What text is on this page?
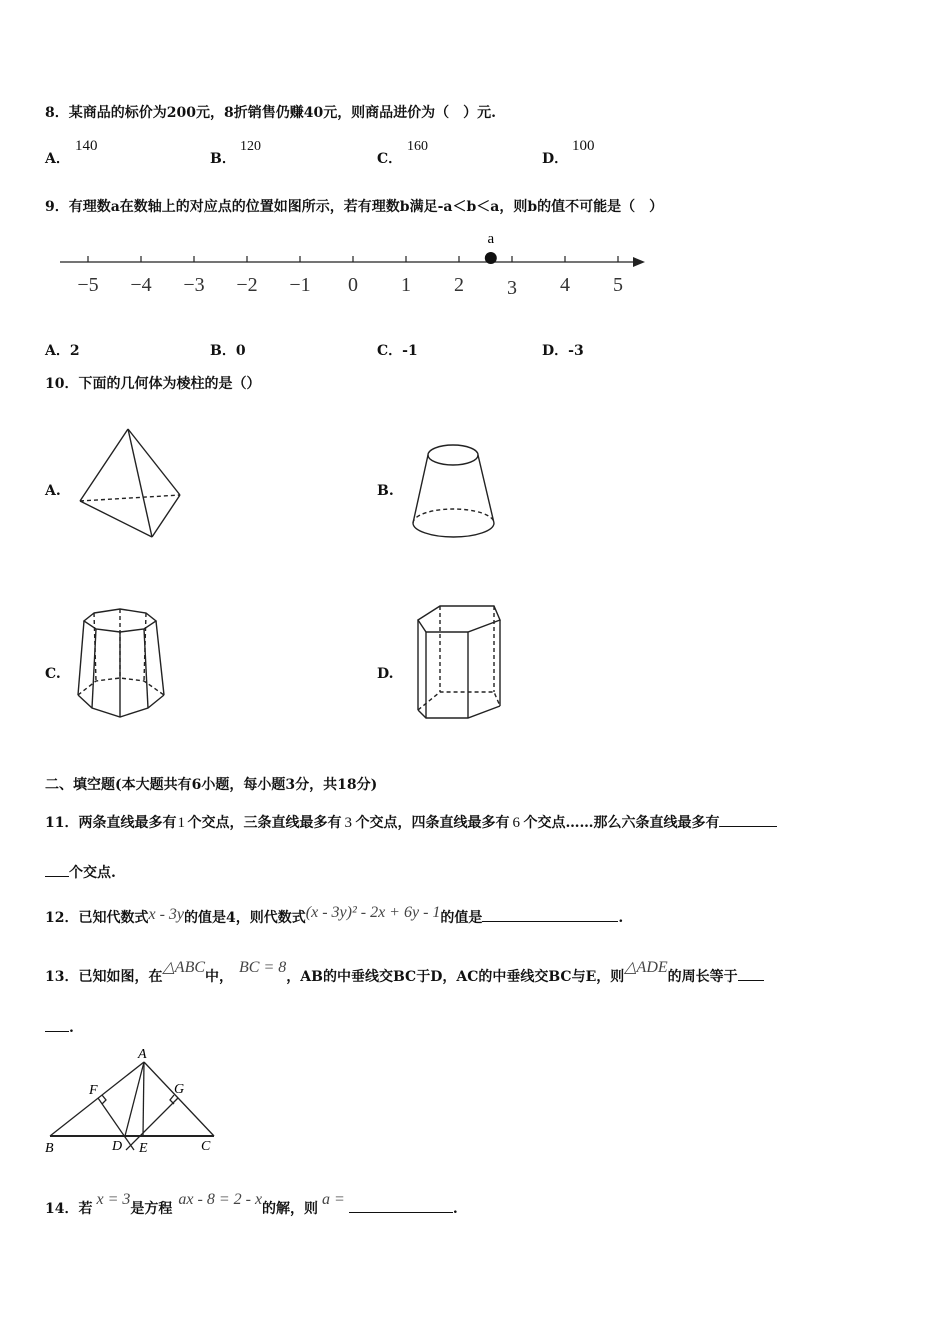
8．某商品的标价为200元，8折销售仍赚40元，则商品进价为（　）元.
A．
140
B．
120
C．
160
D．
100
9．有理数a在数轴上的对应点的位置如图所示，若有理数b满足-a＜b＜a，则b的值不可能是（　）
−5 −4 −3 −2 −1 0 1 2 3 4 5
a
A．2	B．0	C．-1	D．-3
10．下面的几何体为棱柱的是（）
A.	B.
C.	D.
二、填空题(本大题共有6小题，每小题3分，共18分)
11．两条直线最多有 1 个交点，三条直线最多有 3 个交点，四条直线最多有 6 个交点……那么六条直线最多有
个交点.
12．已知代数式x - 3y的值是4，则代数式(x - 3y)² - 2x + 6y - 1的值是	.
13．已知如图，在△ABC中，BC = 8，AB的中垂线交BC于D，AC的中垂线交BC与E，则△ADE的周长等于
.
A
F	G
B	D E	C
14．若x = 3是方程ax - 8 = 2 - x的解，则a =.
